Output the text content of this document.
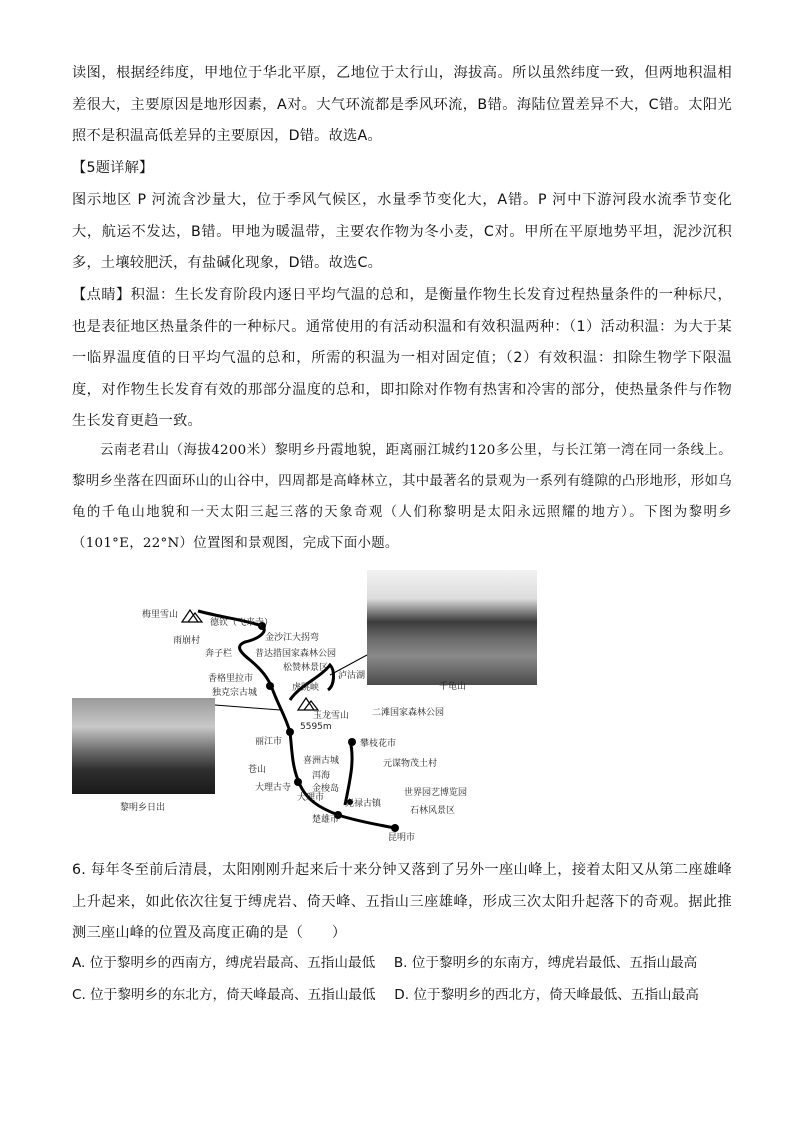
读图，根据经纬度，甲地位于华北平原，乙地位于太行山，海拔高。所以虽然纬度一致，但两地积温相差很大，主要原因是地形因素，A对。大气环流都是季风环流，B错。海陆位置差异不大，C错。太阳光照不是积温高低差异的主要原因，D错。故选A。
【5题详解】
图示地区 P 河流含沙量大，位于季风气候区，水量季节变化大，A错。P 河中下游河段水流季节变化大，航运不发达，B错。甲地为暖温带，主要农作物为冬小麦，C对。甲所在平原地势平坦，泥沙沉积多，土壤较肥沃，有盐碱化现象，D错。故选C。
【点睛】积温：生长发育阶段内逐日平均气温的总和，是衡量作物生长发育过程热量条件的一种标尺，也是表征地区热量条件的一种标尺。通常使用的有活动积温和有效积温两种：（1）活动积温：为大于某一临界温度值的日平均气温的总和，所需的积温为一相对固定值；（2）有效积温：扣除生物学下限温度，对作物生长发育有效的那部分温度的总和，即扣除对作物有热害和冷害的部分，使热量条件与作物生长发育更趋一致。
云南老君山（海拔4200米）黎明乡丹霞地貌，距离丽江城约120多公里，与长江第一湾在同一条线上。黎明乡坐落在四面环山的山谷中，四周都是高峰林立，其中最著名的景观为一系列有缝隙的凸形地形，形如乌龟的千龟山地貌和一天太阳三起三落的天象奇观（人们称黎明是太阳永远照耀的地方）。下图为黎明乡（101°E，22°N）位置图和景观图，完成下面小题。
千龟山
黎明乡日出
梅里雪山
德钦（飞来寺）
雨崩村	金沙江大拐弯
奔子栏	普达措国家森林公园
松赞林景区
香格里拉市
独克宗古城	虎跳峡
泸沽湖
玉龙雪山
5595m
二滩国家森林公园
丽江市	攀枝花市
苍山
喜洲古城	元谋物茂土村
洱海
大理古寺 金梭岛
大理市	世界园艺博览园
光禄古镇
石林风景区
楚雄市
昆明市
6. 每年冬至前后清晨，太阳刚刚升起来后十来分钟又落到了另外一座山峰上，接着太阳又从第二座雄峰上升起来，如此依次往复于缚虎岩、倚天峰、五指山三座雄峰，形成三次太阳升起落下的奇观。据此推测三座山峰的位置及高度正确的是（　　）
A. 位于黎明乡的西南方，缚虎岩最高、五指山最低 B. 位于黎明乡的东南方，缚虎岩最低、五指山最高
C. 位于黎明乡的东北方，倚天峰最高、五指山最低 D. 位于黎明乡的西北方，倚天峰最低、五指山最高
